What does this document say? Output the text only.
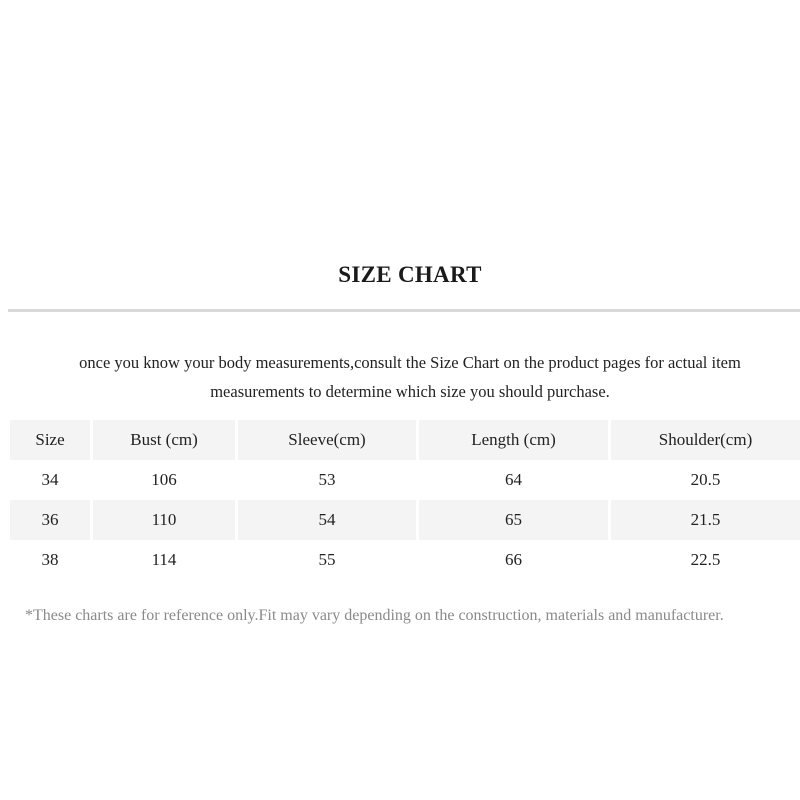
SIZE CHART
once you know your body measurements,consult the Size Chart on the product pages for actual item
measurements to determine which size you should purchase.
Size	Bust (cm)	Sleeve(cm)	Length (cm)	Shoulder(cm)
34	106	53	64	20.5
36	110	54	65	21.5
38	114	55	66	22.5
*These charts are for reference only.Fit may vary depending on the construction, materials and manufacturer.
